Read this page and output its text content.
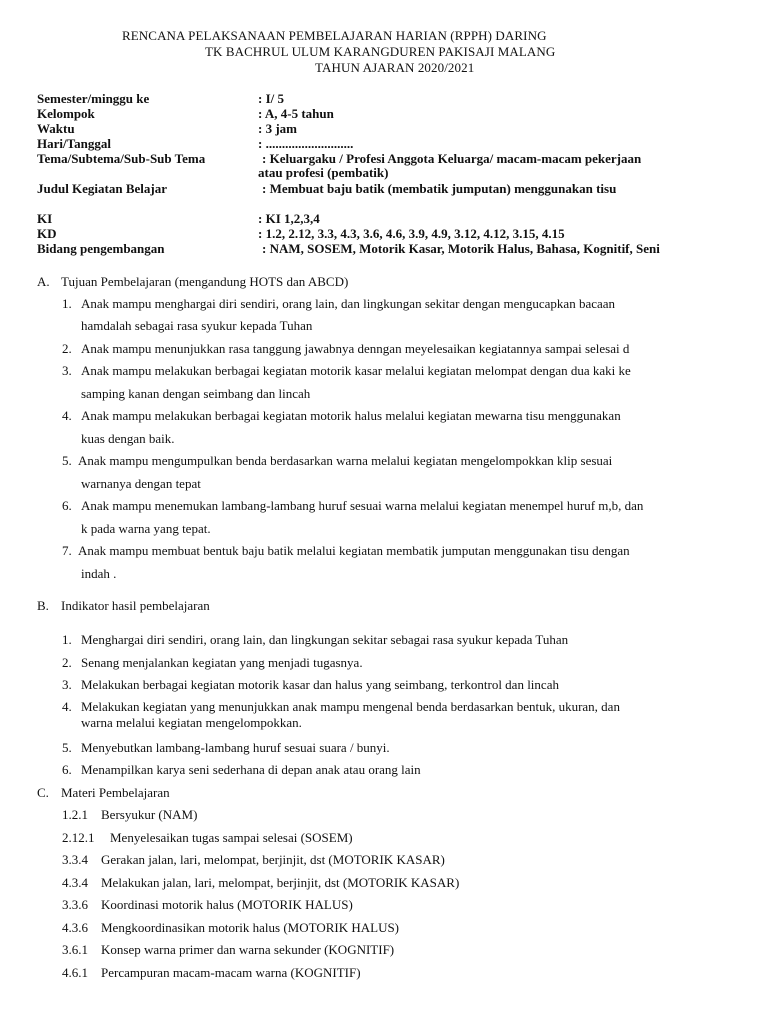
RENCANA PELAKSANAAN PEMBELAJARAN HARIAN (RPPH) DARING
TK BACHRUL ULUM KARANGDUREN PAKISAJI MALANG
TAHUN AJARAN 2020/2021
Semester/minggu ke	: I/ 5
Kelompok	: A, 4-5 tahun
Waktu	: 3 jam
Hari/Tanggal	: ...........................
Tema/Subtema/Sub-Sub Tema	: Keluargaku / Profesi Anggota Keluarga/ macam-macam pekerjaan
atau profesi (pembatik)
Judul Kegiatan Belajar	: Membuat baju batik (membatik jumputan) menggunakan tisu
KI	: KI 1,2,3,4
KD	: 1.2, 2.12, 3.3, 4.3, 3.6, 4.6, 3.9, 4.9, 3.12, 4.12, 3.15, 4.15
Bidang pengembangan	: NAM, SOSEM, Motorik Kasar, Motorik Halus, Bahasa, Kognitif, Seni
A. Tujuan Pembelajaran (mengandung HOTS dan ABCD)
1. Anak mampu menghargai diri sendiri, orang lain, dan lingkungan sekitar dengan mengucapkan bacaan
hamdalah sebagai rasa syukur kepada Tuhan
2. Anak mampu menunjukkan rasa tanggung jawabnya denngan meyelesaikan kegiatannya sampai selesai d
3. Anak mampu melakukan berbagai kegiatan motorik kasar melalui kegiatan melompat dengan dua kaki ke
samping kanan dengan seimbang dan lincah
4. Anak mampu melakukan berbagai kegiatan motorik halus melalui kegiatan mewarna tisu menggunakan
kuas dengan baik.
5. Anak mampu mengumpulkan benda berdasarkan warna melalui kegiatan mengelompokkan klip sesuai
warnanya dengan tepat
6. Anak mampu menemukan lambang-lambang huruf sesuai warna melalui kegiatan menempel huruf m,b, dan
k pada warna yang tepat.
7. Anak mampu membuat bentuk baju batik melalui kegiatan membatik jumputan menggunakan tisu dengan
indah .
B. Indikator hasil pembelajaran
1. Menghargai diri sendiri, orang lain, dan lingkungan sekitar sebagai rasa syukur kepada Tuhan
2. Senang menjalankan kegiatan yang menjadi tugasnya.
3. Melakukan berbagai kegiatan motorik kasar dan halus yang seimbang, terkontrol dan lincah
4. Melakukan kegiatan yang menunjukkan anak mampu mengenal benda berdasarkan bentuk, ukuran, dan
warna melalui kegiatan mengelompokkan.
5. Menyebutkan lambang-lambang huruf sesuai suara / bunyi.
6. Menampilkan karya seni sederhana di depan anak atau orang lain
C. Materi Pembelajaran
1.2.1 Bersyukur (NAM)
2.12.1 Menyelesaikan tugas sampai selesai (SOSEM)
3.3.4 Gerakan jalan, lari, melompat, berjinjit, dst (MOTORIK KASAR)
4.3.4 Melakukan jalan, lari, melompat, berjinjit, dst (MOTORIK KASAR)
3.3.6 Koordinasi motorik halus (MOTORIK HALUS)
4.3.6 Mengkoordinasikan motorik halus (MOTORIK HALUS)
3.6.1 Konsep warna primer dan warna sekunder (KOGNITIF)
4.6.1 Percampuran macam-macam warna (KOGNITIF)
